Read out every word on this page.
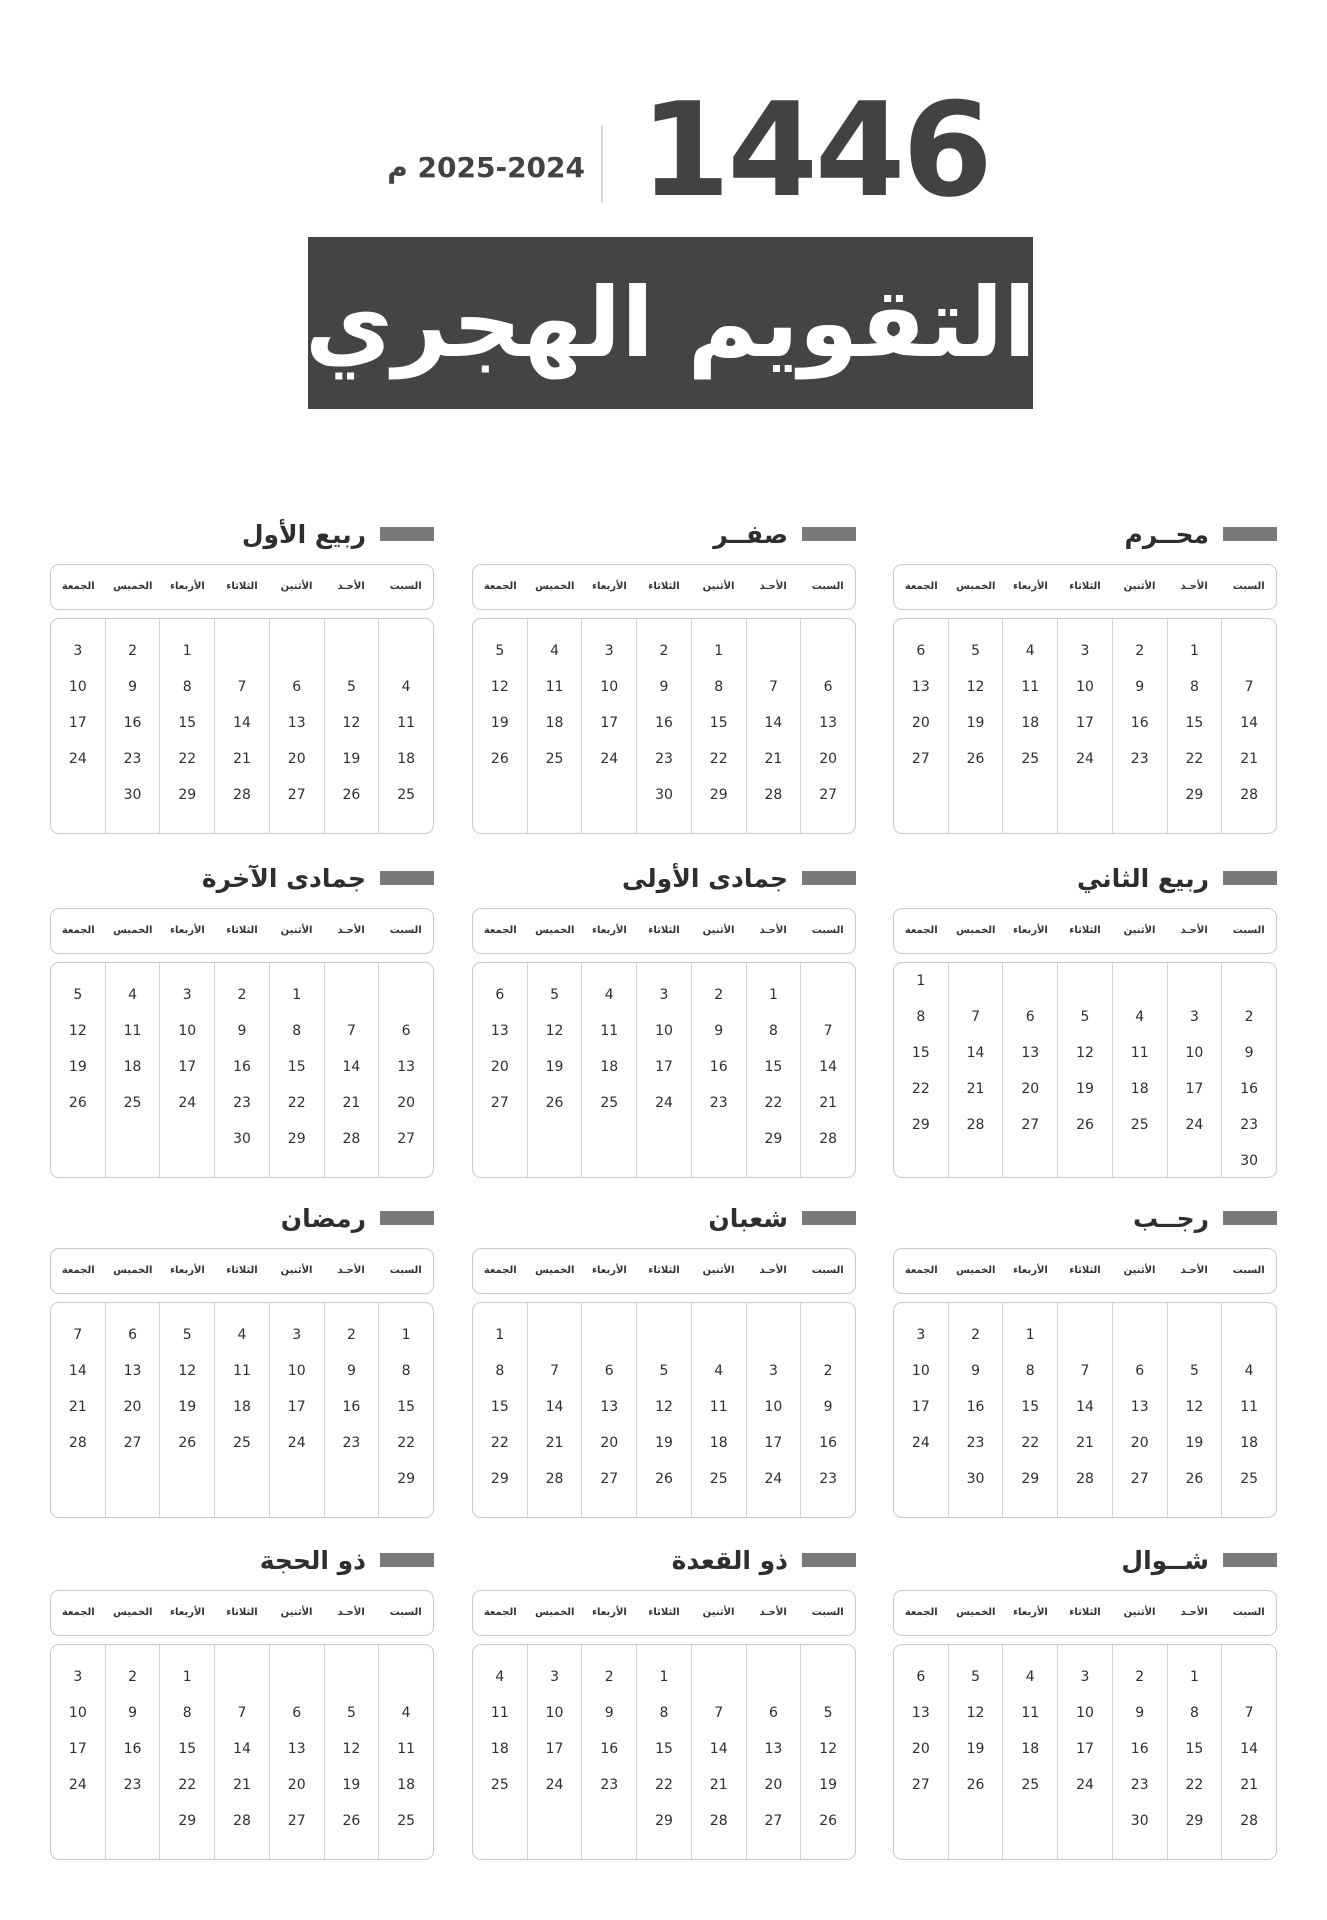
1446
2025-2024 م
التقويم الهجري
محــرم
السبت
الأحـد
الأثنين
الثلاثاء
الأربعاء
الخميس
الجمعة
7
14
21
28
1
8
15
22
29
2
9
16
23
3
10
17
24
4
11
18
25
5
12
19
26
6
13
20
27
صفــر
السبت
الأحـد
الأثنين
الثلاثاء
الأربعاء
الخميس
الجمعة
6
13
20
27
7
14
21
28
1
8
15
22
29
2
9
16
23
30
3
10
17
24
4
11
18
25
5
12
19
26
ربيع الأول
السبت
الأحـد
الأثنين
الثلاثاء
الأربعاء
الخميس
الجمعة
4
11
18
25
5
12
19
26
6
13
20
27
7
14
21
28
1
8
15
22
29
2
9
16
23
30
3
10
17
24
ربيع الثاني
السبت
الأحـد
الأثنين
الثلاثاء
الأربعاء
الخميس
الجمعة
2
9
16
23
30
3
10
17
24
4
11
18
25
5
12
19
26
6
13
20
27
7
14
21
28
1
8
15
22
29
جمادى الأولى
السبت
الأحـد
الأثنين
الثلاثاء
الأربعاء
الخميس
الجمعة
7
14
21
28
1
8
15
22
29
2
9
16
23
3
10
17
24
4
11
18
25
5
12
19
26
6
13
20
27
جمادى الآخرة
السبت
الأحـد
الأثنين
الثلاثاء
الأربعاء
الخميس
الجمعة
6
13
20
27
7
14
21
28
1
8
15
22
29
2
9
16
23
30
3
10
17
24
4
11
18
25
5
12
19
26
رجــب
السبت
الأحـد
الأثنين
الثلاثاء
الأربعاء
الخميس
الجمعة
4
11
18
25
5
12
19
26
6
13
20
27
7
14
21
28
1
8
15
22
29
2
9
16
23
30
3
10
17
24
شعبان
السبت
الأحـد
الأثنين
الثلاثاء
الأربعاء
الخميس
الجمعة
2
9
16
23
3
10
17
24
4
11
18
25
5
12
19
26
6
13
20
27
7
14
21
28
1
8
15
22
29
رمضان
السبت
الأحـد
الأثنين
الثلاثاء
الأربعاء
الخميس
الجمعة
1
8
15
22
29
2
9
16
23
3
10
17
24
4
11
18
25
5
12
19
26
6
13
20
27
7
14
21
28
شــوال
السبت
الأحـد
الأثنين
الثلاثاء
الأربعاء
الخميس
الجمعة
7
14
21
28
1
8
15
22
29
2
9
16
23
30
3
10
17
24
4
11
18
25
5
12
19
26
6
13
20
27
ذو القعدة
السبت
الأحـد
الأثنين
الثلاثاء
الأربعاء
الخميس
الجمعة
5
12
19
26
6
13
20
27
7
14
21
28
1
8
15
22
29
2
9
16
23
3
10
17
24
4
11
18
25
ذو الحجة
السبت
الأحـد
الأثنين
الثلاثاء
الأربعاء
الخميس
الجمعة
4
11
18
25
5
12
19
26
6
13
20
27
7
14
21
28
1
8
15
22
29
2
9
16
23
3
10
17
24
